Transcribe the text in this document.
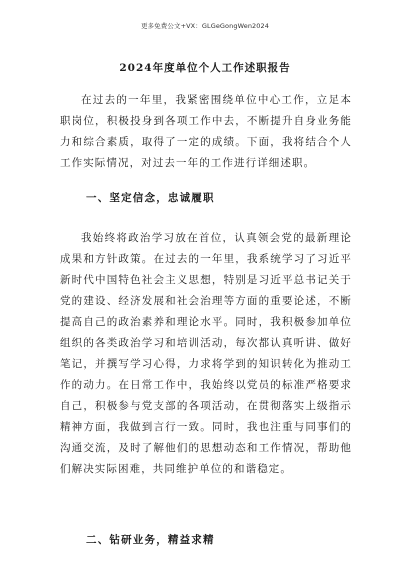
更多免费公文+VX：GLGeGongWen2024
2024年度单位个人工作述职报告

在过去的一年里，我紧密围绕单位中心工作，立足本职岗位，积极投身到各项工作中去，不断提升自身业务能力和综合素质，取得了一定的成绩。下面，我将结合个人工作实际情况，对过去一年的工作进行详细述职。

一、坚定信念，忠诚履职

我始终将政治学习放在首位，认真领会党的最新理论成果和方针政策。在过去的一年里，我系统学习了习近平新时代中国特色社会主义思想，特别是习近平总书记关于党的建设、经济发展和社会治理等方面的重要论述，不断提高自己的政治素养和理论水平。同时，我积极参加单位组织的各类政治学习和培训活动，每次都认真听讲、做好笔记，并撰写学习心得，力求将学到的知识转化为推动工作的动力。在日常工作中，我始终以党员的标准严格要求自己，积极参与党支部的各项活动，在贯彻落实上级指示精神方面，我做到言行一致。同时，我也注重与同事们的沟通交流，及时了解他们的思想动态和工作情况，帮助他们解决实际困难，共同维护单位的和谐稳定。

二、钻研业务，精益求精
